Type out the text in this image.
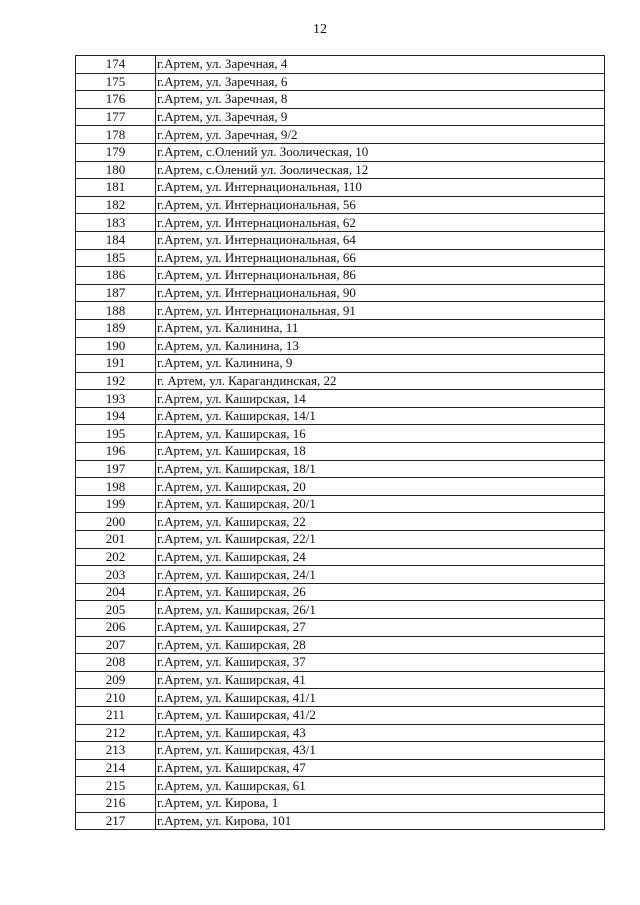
12
174	г.Артем, ул. Заречная, 4
175	г.Артем, ул. Заречная, 6
176	г.Артем, ул. Заречная, 8
177	г.Артем, ул. Заречная, 9
178	г.Артем, ул. Заречная, 9/2
179	г.Артем, с.Олений ул. Зоолическая, 10
180	г.Артем, с.Олений ул. Зоолическая, 12
181	г.Артем, ул. Интернациональная, 110
182	г.Артем, ул. Интернациональная, 56
183	г.Артем, ул. Интернациональная, 62
184	г.Артем, ул. Интернациональная, 64
185	г.Артем, ул. Интернациональная, 66
186	г.Артем, ул. Интернациональная, 86
187	г.Артем, ул. Интернациональная, 90
188	г.Артем, ул. Интернациональная, 91
189	г.Артем, ул. Калинина, 11
190	г.Артем, ул. Калинина, 13
191	г.Артем, ул. Калинина, 9
192	г. Артем, ул. Карагандинская, 22
193	г.Артем, ул. Каширская, 14
194	г.Артем, ул. Каширская, 14/1
195	г.Артем, ул. Каширская, 16
196	г.Артем, ул. Каширская, 18
197	г.Артем, ул. Каширская, 18/1
198	г.Артем, ул. Каширская, 20
199	г.Артем, ул. Каширская, 20/1
200	г.Артем, ул. Каширская, 22
201	г.Артем, ул. Каширская, 22/1
202	г.Артем, ул. Каширская, 24
203	г.Артем, ул. Каширская, 24/1
204	г.Артем, ул. Каширская, 26
205	г.Артем, ул. Каширская, 26/1
206	г.Артем, ул. Каширская, 27
207	г.Артем, ул. Каширская, 28
208	г.Артем, ул. Каширская, 37
209	г.Артем, ул. Каширская, 41
210	г.Артем, ул. Каширская, 41/1
211	г.Артем, ул. Каширская, 41/2
212	г.Артем, ул. Каширская, 43
213	г.Артем, ул. Каширская, 43/1
214	г.Артем, ул. Каширская, 47
215	г.Артем, ул. Каширская, 61
216	г.Артем, ул. Кирова, 1
217	г.Артем, ул. Кирова, 101
